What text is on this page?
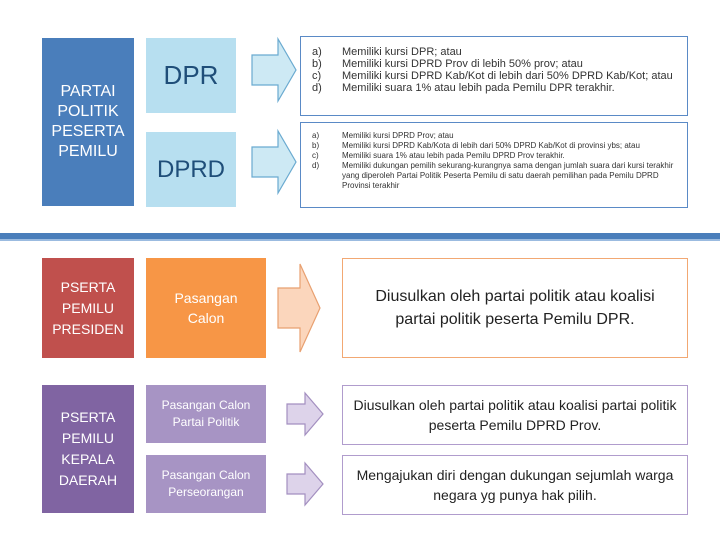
PARTAI
POLITIK
PESERTA
PEMILU
DPR
DPRD
a)	Memiliki kursi DPR; atau
b)	Memiliki kursi DPRD Prov di lebih 50% prov; atau
c)	Memiliki kursi DPRD Kab/Kot di lebih dari 50% DPRD Kab/Kot; atau
d)	Memiliki suara 1% atau lebih pada Pemilu DPR terakhir.
a)	Memiliki kursi DPRD Prov; atau
b)	Memiliki kursi DPRD Kab/Kota di lebih dari 50% DPRD Kab/Kot di provinsi ybs; atau
c)	Memiliki suara 1% atau lebih pada Pemilu DPRD Prov terakhir.
d)	Memiliki dukungan pemilih sekurang-kurangnya sama dengan jumlah suara dari kursi terakhir yang diperoleh Partai Politik Peserta Pemilu di satu daerah pemilihan pada Pemilu DPRD Provinsi terakhir
PSERTA
PEMILU
PRESIDEN
Pasangan
Calon
Diusulkan oleh partai politik atau koalisi partai politik peserta Pemilu DPR.
PSERTA
PEMILU
KEPALA
DAERAH
Pasangan Calon
Partai Politik
Pasangan Calon
Perseorangan
Diusulkan oleh partai politik atau koalisi partai politik peserta Pemilu DPRD Prov.
Mengajukan diri dengan dukungan sejumlah warga negara yg punya hak pilih.
